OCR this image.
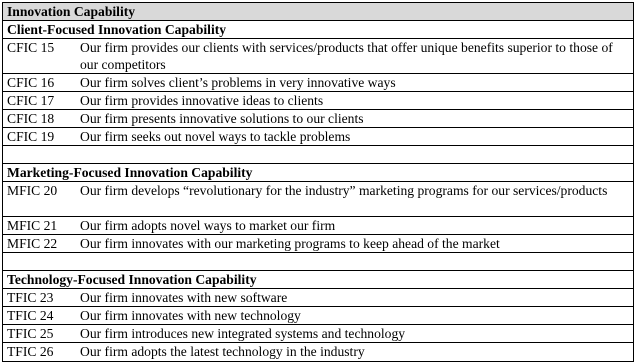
Innovation Capability
Client-Focused Innovation Capability
CFIC 15	Our firm provides our clients with services/products that offer unique benefits superior to those of our competitors
CFIC 16	Our firm solves client’s problems in very innovative ways
CFIC 17	Our firm provides innovative ideas to clients
CFIC 18	Our firm presents innovative solutions to our clients
CFIC 19	Our firm seeks out novel ways to tackle problems
Marketing-Focused Innovation Capability
MFIC 20	Our firm develops “revolutionary for the industry” marketing programs for our services/products
MFIC 21	Our firm adopts novel ways to market our firm
MFIC 22	Our firm innovates with our marketing programs to keep ahead of the market
Technology-Focused Innovation Capability
TFIC 23	Our firm innovates with new software
TFIC 24	Our firm innovates with new technology
TFIC 25	Our firm introduces new integrated systems and technology
TFIC 26	Our firm adopts the latest technology in the industry
